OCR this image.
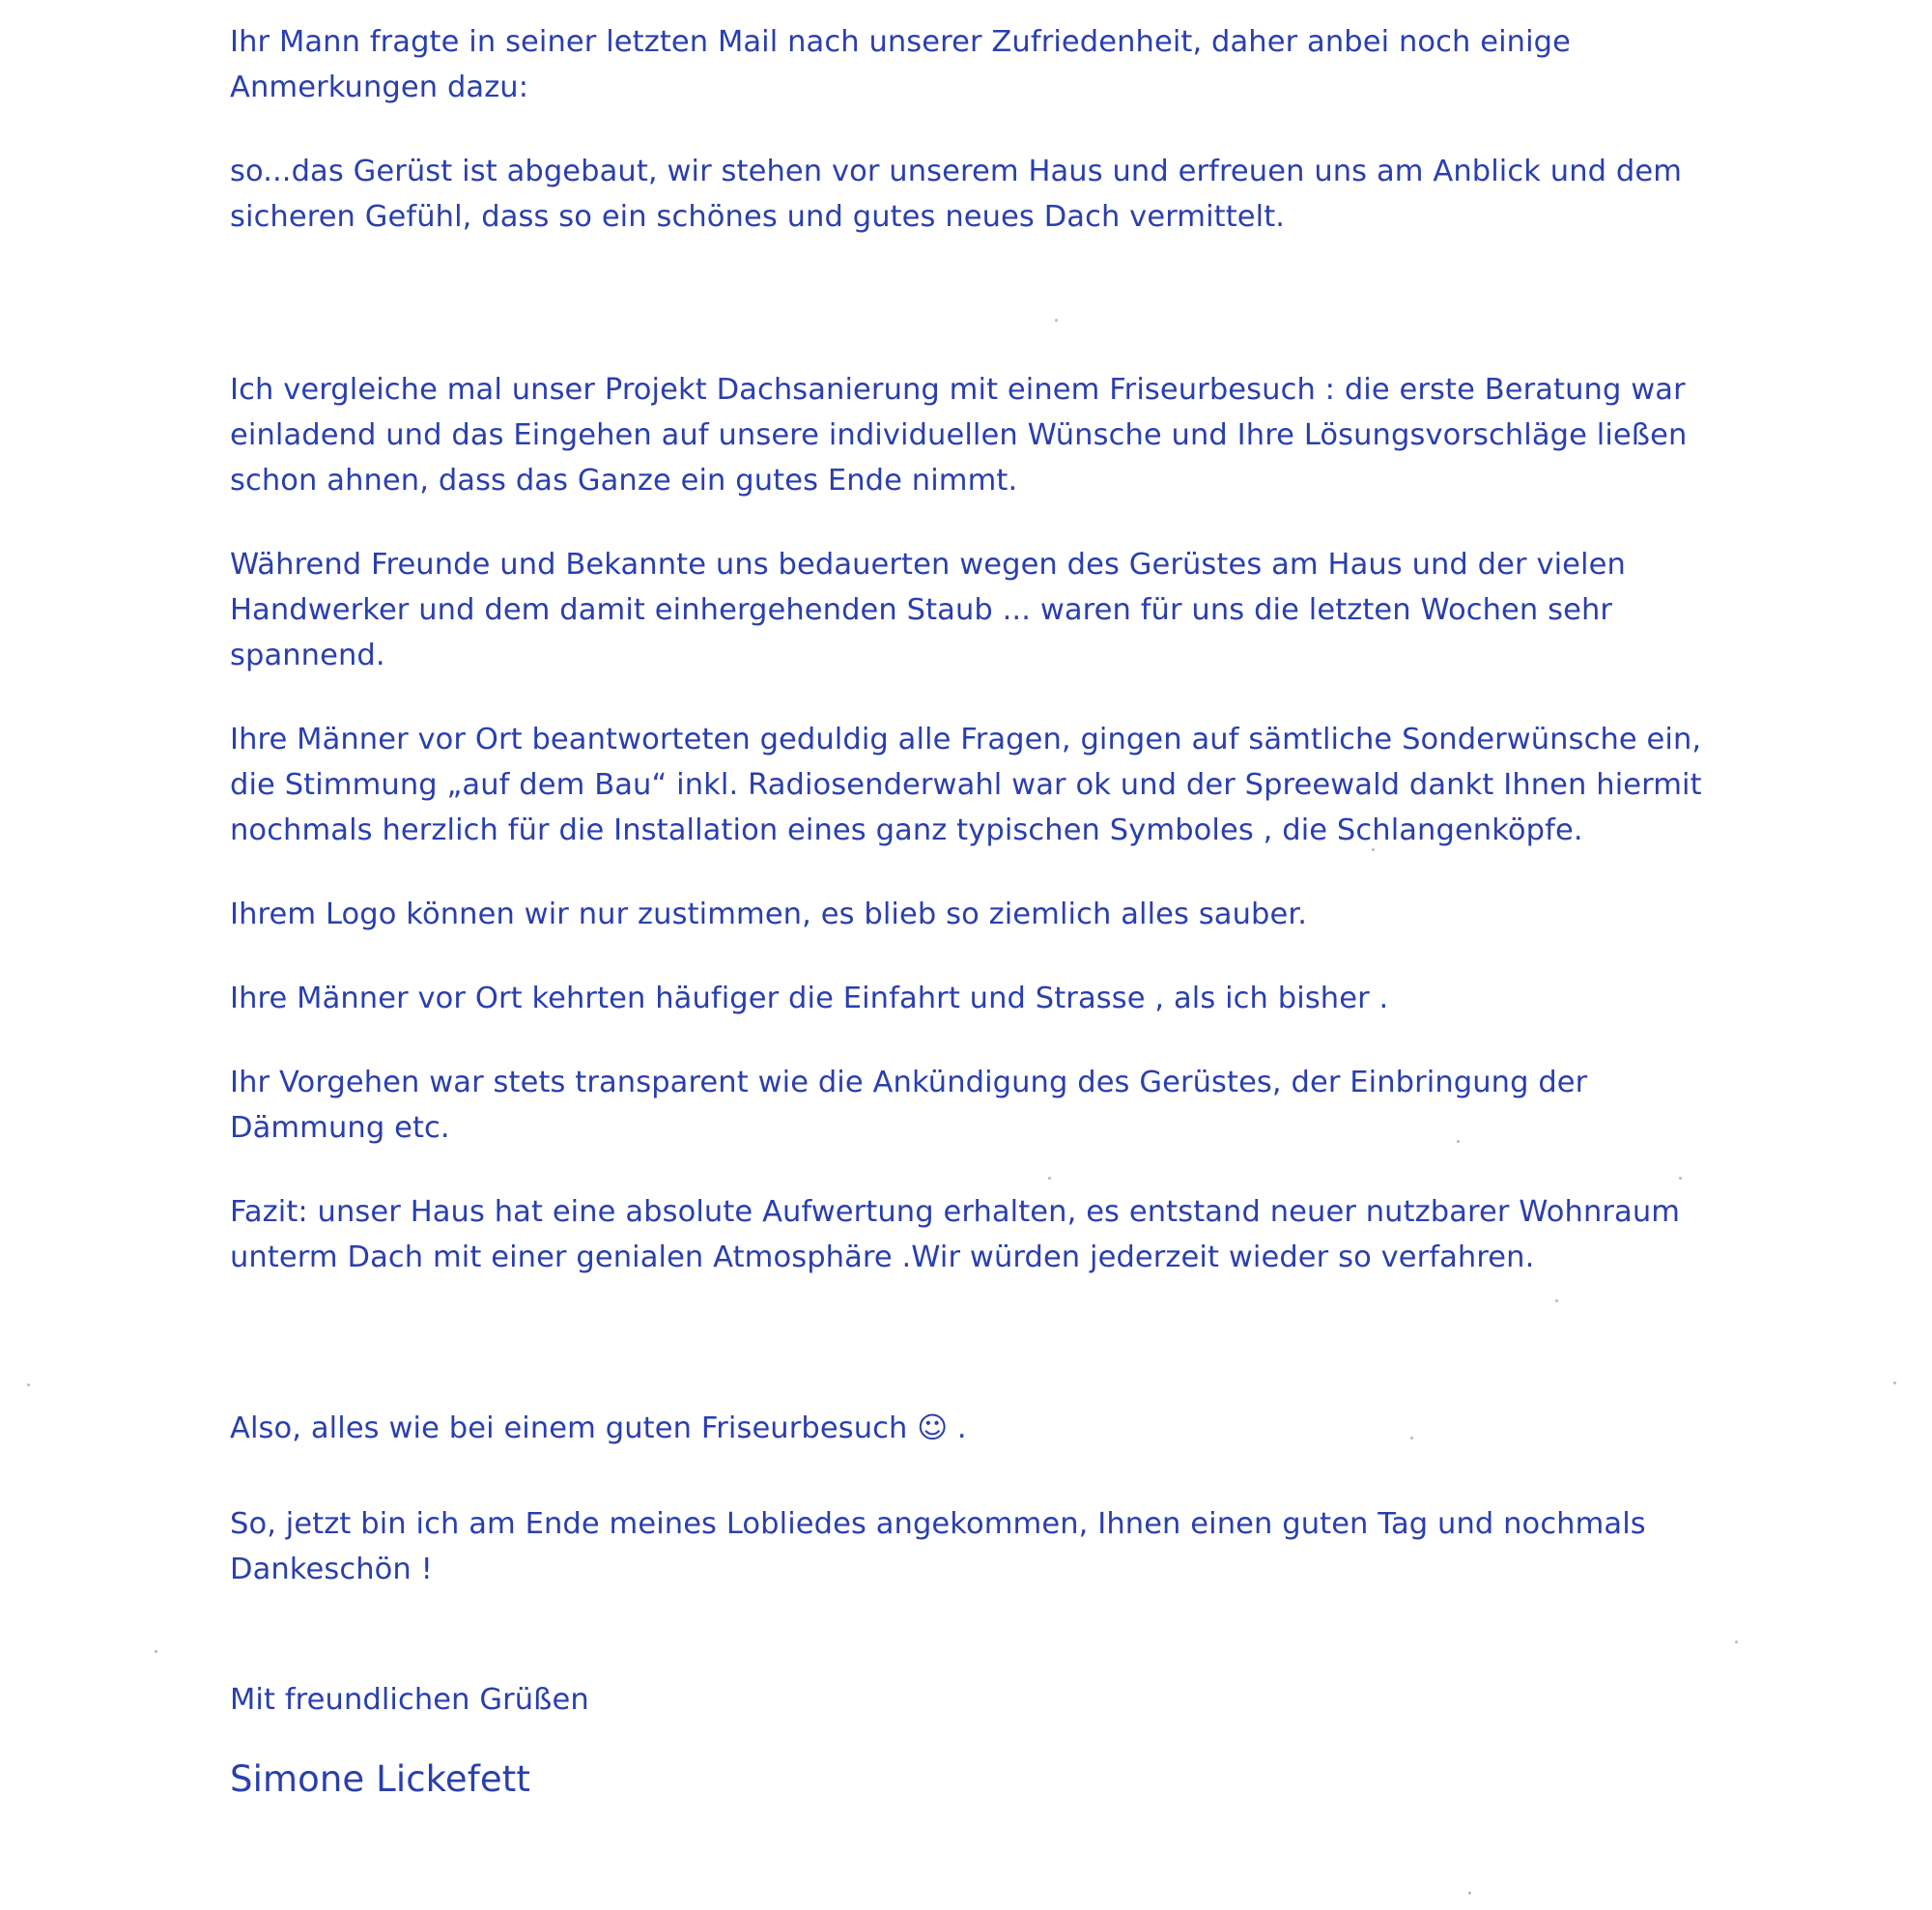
Ihr Mann fragte in seiner letzten Mail nach unserer Zufriedenheit, daher anbei noch einige
Anmerkungen dazu:

so...das Gerüst ist abgebaut, wir stehen vor unserem Haus und erfreuen uns am Anblick und dem
sicheren Gefühl, dass so ein schönes und gutes neues Dach vermittelt.

Ich vergleiche mal unser Projekt Dachsanierung mit einem Friseurbesuch : die erste Beratung war
einladend und das Eingehen auf unsere individuellen Wünsche und Ihre Lösungsvorschläge ließen
schon ahnen, dass das Ganze ein gutes Ende nimmt.

Während Freunde und Bekannte uns bedauerten wegen des Gerüstes am Haus und der vielen
Handwerker und dem damit einhergehenden Staub ... waren für uns die letzten Wochen sehr
spannend.

Ihre Männer vor Ort beantworteten geduldig alle Fragen, gingen auf sämtliche Sonderwünsche ein,
die Stimmung „auf dem Bau“ inkl. Radiosenderwahl war ok und der Spreewald dankt Ihnen hiermit
nochmals herzlich für die Installation eines ganz typischen Symboles , die Schlangenköpfe.

Ihrem Logo können wir nur zustimmen, es blieb so ziemlich alles sauber.

Ihre Männer vor Ort kehrten häufiger die Einfahrt und Strasse , als ich bisher .

Ihr Vorgehen war stets transparent wie die Ankündigung des Gerüstes, der Einbringung der
Dämmung etc.

Fazit: unser Haus hat eine absolute Aufwertung erhalten, es entstand neuer nutzbarer Wohnraum
unterm Dach mit einer genialen Atmosphäre .Wir würden jederzeit wieder so verfahren.

Also, alles wie bei einem guten Friseurbesuch ☺ .

So, jetzt bin ich am Ende meines Lobliedes angekommen, Ihnen einen guten Tag und nochmals
Dankeschön !

Mit freundlichen Grüßen

Simone Lickefett
